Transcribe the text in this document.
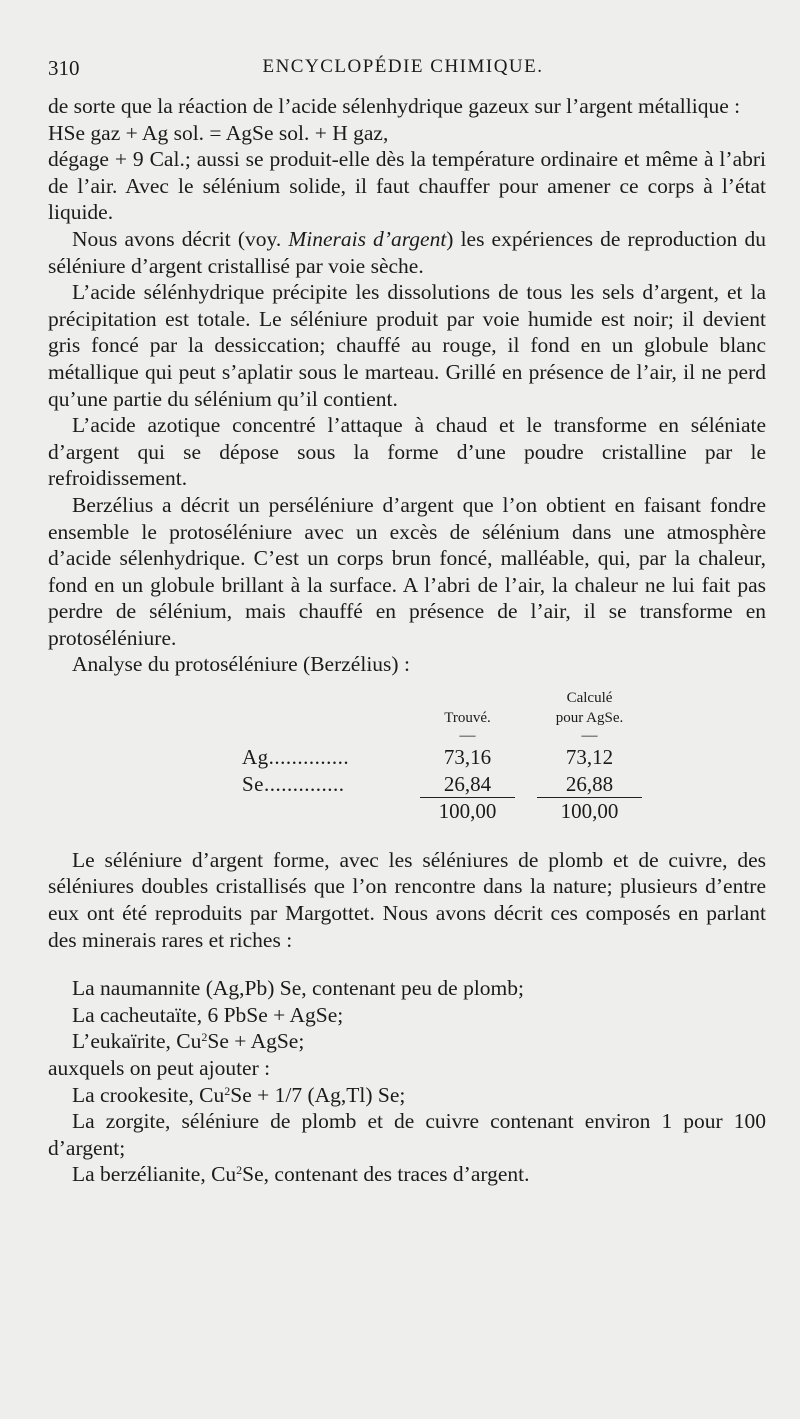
310	ENCYCLOPÉDIE CHIMIQUE.

de sorte que la réaction de l’acide sélenhydrique gazeux sur l’argent métallique :

HSe gaz + Ag sol. = AgSe sol. + H gaz,

dégage + 9 Cal.; aussi se produit-elle dès la température ordinaire et même à l’abri de l’air. Avec le sélénium solide, il faut chauffer pour amener ce corps à l’état liquide.

Nous avons décrit (voy. Minerais d’argent) les expériences de reproduction du séléniure d’argent cristallisé par voie sèche.

L’acide sélénhydrique précipite les dissolutions de tous les sels d’argent, et la précipitation est totale. Le séléniure produit par voie humide est noir; il devient gris foncé par la dessiccation; chauffé au rouge, il fond en un globule blanc métallique qui peut s’aplatir sous le marteau. Grillé en présence de l’air, il ne perd qu’une partie du sélénium qu’il contient.

L’acide azotique concentré l’attaque à chaud et le transforme en séléniate d’argent qui se dépose sous la forme d’une poudre cristalline par le refroidissement.

Berzélius a décrit un perséléniure d’argent que l’on obtient en faisant fondre ensemble le protoséléniure avec un excès de sélénium dans une atmosphère d’acide sélenhydrique. C’est un corps brun foncé, malléable, qui, par la chaleur, fond en un globule brillant à la surface. A l’abri de l’air, la chaleur ne lui fait pas perdre de sélénium, mais chauffé en présence de l’air, il se transforme en protoséléniure.

Analyse du protoséléniure (Berzélius) :

	Trouvé.		Calculé
pour AgSe.
	—		—
Ag..............	73,16		73,12
Se..............	26,84		26,88
	100,00		100,00

Le séléniure d’argent forme, avec les séléniures de plomb et de cuivre, des séléniures doubles cristallisés que l’on rencontre dans la nature; plusieurs d’entre eux ont été reproduits par Margottet. Nous avons décrit ces composés en parlant des minerais rares et riches :

La naumannite (Ag,Pb) Se, contenant peu de plomb;

La cacheutaïte, 6 PbSe + AgSe;

L’eukaïrite, $Cu^2Se$ + AgSe;

auxquels on peut ajouter :

La crookesite, $Cu^2Se + 1/7$ (Ag,Tl) Se;

La zorgite, séléniure de plomb et de cuivre contenant environ 1 pour 100 d’argent;

La berzélianite, Cu$^2$Se, contenant des traces d’argent.
